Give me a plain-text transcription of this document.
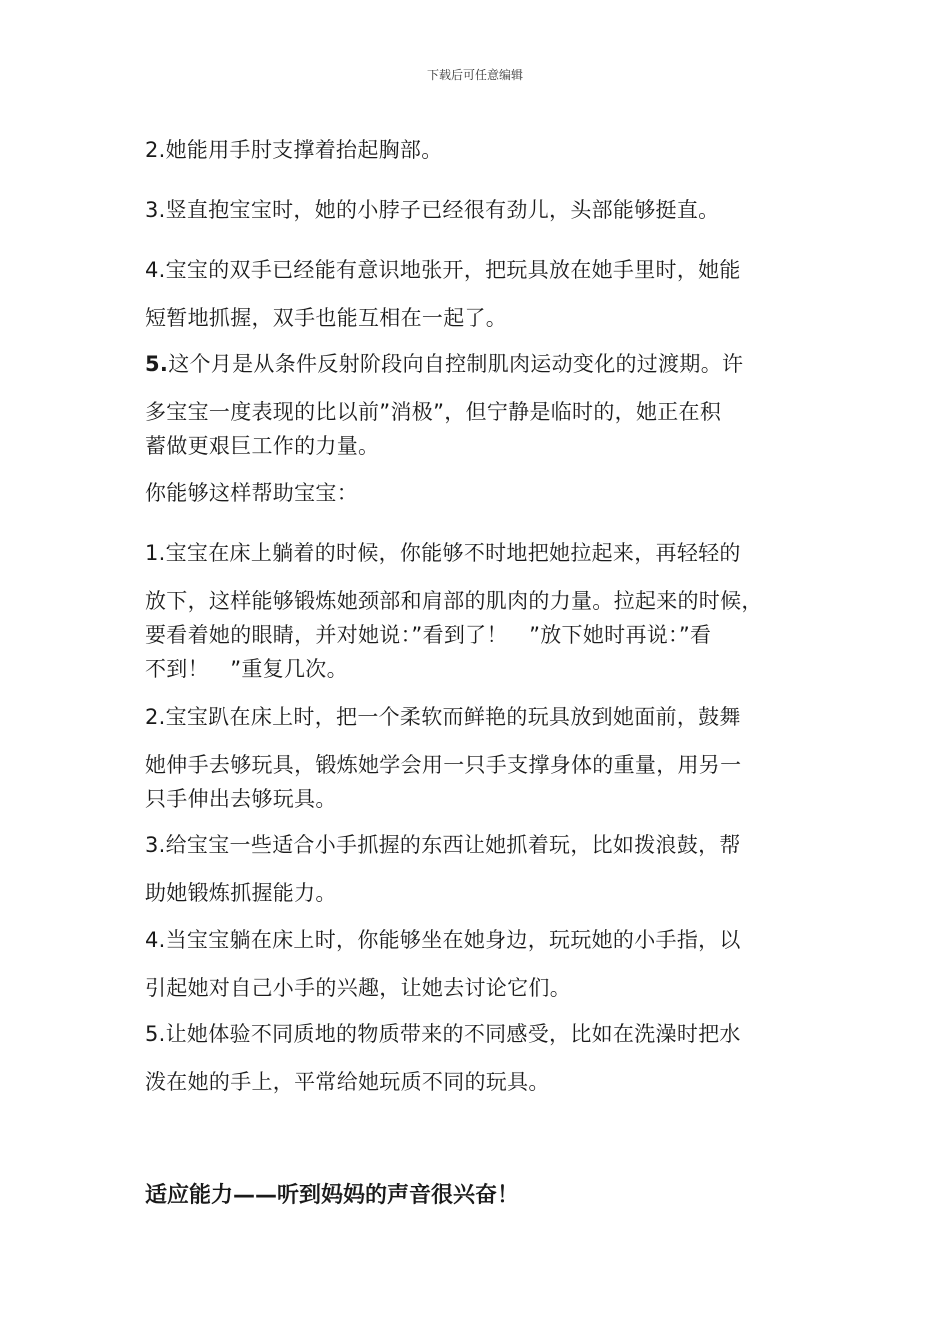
下载后可任意编辑
2.她能用手肘支撑着抬起胸部。
3.竖直抱宝宝时，她的小脖子已经很有劲儿，头部能够挺直。
4.宝宝的双手已经能有意识地张开，把玩具放在她手里时，她能
短暂地抓握，双手也能互相在一起了。
5.这个月是从条件反射阶段向自控制肌肉运动变化的过渡期。许
多宝宝一度表现的比以前”消极”，但宁静是临时的，她正在积
蓄做更艰巨工作的力量。
你能够这样帮助宝宝：
1.宝宝在床上躺着的时候，你能够不时地把她拉起来，再轻轻的
放下，这样能够锻炼她颈部和肩部的肌肉的力量。拉起来的时候，
要看着她的眼睛，并对她说：”看到了！　”放下她时再说：”看
不到！　”重复几次。
2.宝宝趴在床上时，把一个柔软而鲜艳的玩具放到她面前，鼓舞
她伸手去够玩具，锻炼她学会用一只手支撑身体的重量，用另一
只手伸出去够玩具。
3.给宝宝一些适合小手抓握的东西让她抓着玩，比如拨浪鼓，帮
助她锻炼抓握能力。
4.当宝宝躺在床上时，你能够坐在她身边，玩玩她的小手指，以
引起她对自己小手的兴趣，让她去讨论它们。
5.让她体验不同质地的物质带来的不同感受，比如在洗澡时把水
泼在她的手上，平常给她玩质不同的玩具。
适应能力——听到妈妈的声音很兴奋！
